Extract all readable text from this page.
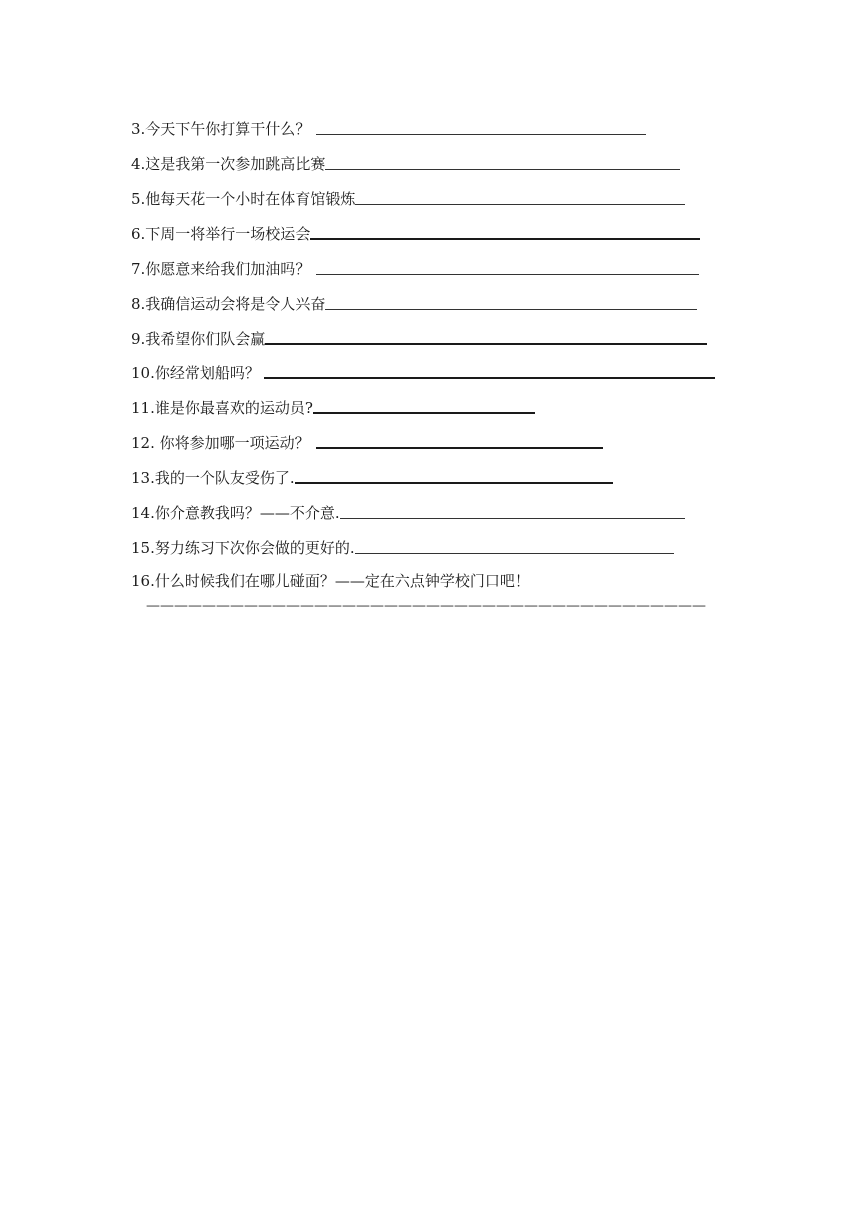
3.今天下午你打算干什么？
4.这是我第一次参加跳高比赛
5.他每天花一个小时在体育馆锻炼
6.下周一将举行一场校运会
7.你愿意来给我们加油吗？
8.我确信运动会将是令人兴奋
9.我希望你们队会赢
10.你经常划船吗？
11.谁是你最喜欢的运动员?
12. 你将参加哪一项运动？
13.我的一个队友受伤了.
14.你介意教我吗？——不介意.
15.努力练习下次你会做的更好的.
16.什么时候我们在哪儿碰面？——定在六点钟学校门口吧！
————————————————————————————————————————
